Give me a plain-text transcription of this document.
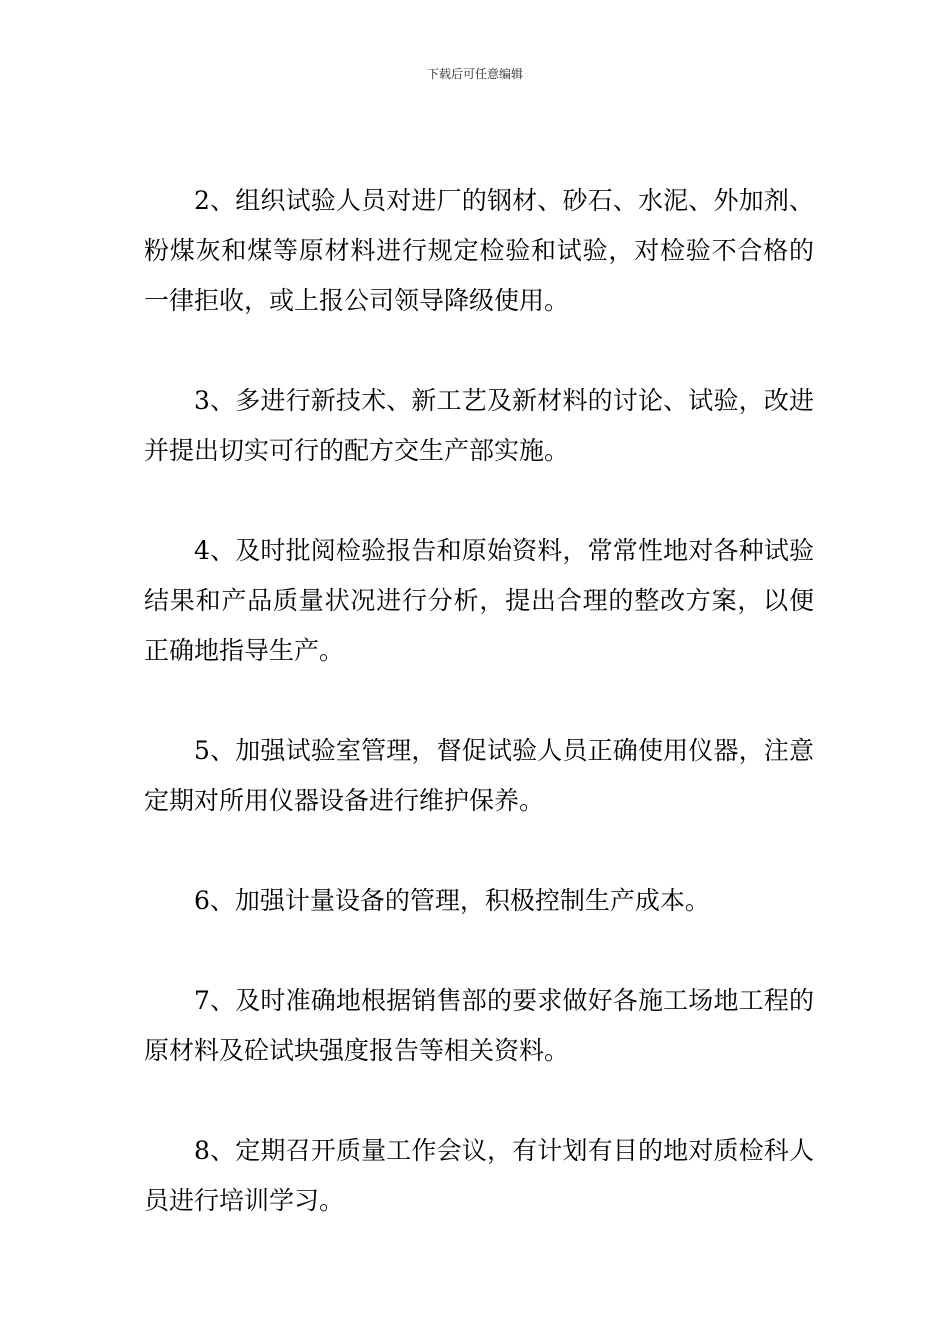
下载后可任意编辑

2、组织试验人员对进厂的钢材、砂石、水泥、外加剂、粉煤灰和煤等原材料进行规定检验和试验，对检验不合格的一律拒收，或上报公司领导降级使用。

3、多进行新技术、新工艺及新材料的讨论、试验，改进并提出切实可行的配方交生产部实施。

4、及时批阅检验报告和原始资料，常常性地对各种试验结果和产品质量状况进行分析，提出合理的整改方案，以便正确地指导生产。

5、加强试验室管理，督促试验人员正确使用仪器，注意定期对所用仪器设备进行维护保养。

6、加强计量设备的管理，积极控制生产成本。

7、及时准确地根据销售部的要求做好各施工场地工程的原材料及砼试块强度报告等相关资料。

8、定期召开质量工作会议，有计划有目的地对质检科人员进行培训学习。
